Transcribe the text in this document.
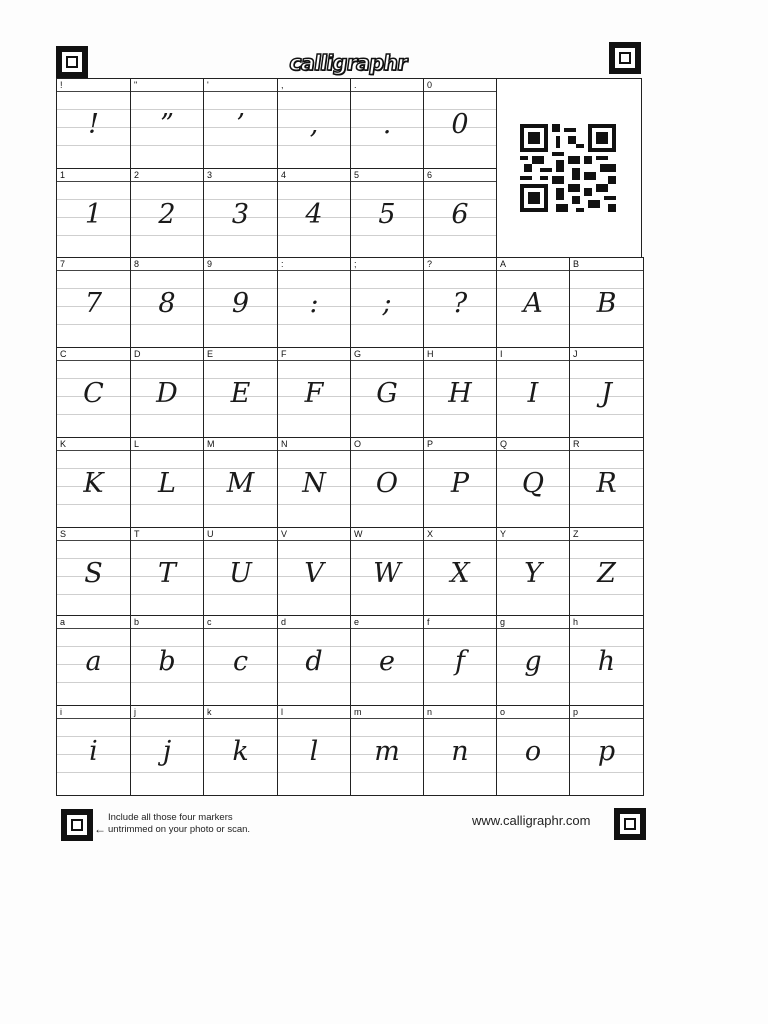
calligraphr
!
!
"
”
'
’
,
,
.
.
0
0
1
1
2
2
3
3
4
4
5
5
6
6
7
7
8
8
9
9
:
:
;
;
?
?
A
A
B
B
C
C
D
D
E
E
F
F
G
G
H
H
I
I
J
J
K
K
L
L
M
M
N
N
O
O
P
P
Q
Q
R
R
S
S
T
T
U
U
V
V
W
W
X
X
Y
Y
Z
Z
a
a
b
b
c
c
d
d
e
e
f
f
g
g
h
h
i
i
j
j
k
k
l
l
m
m
n
n
o
o
p
p
←
Include all those four markers
untrimmed on your photo or scan.
www.calligraphr.com
